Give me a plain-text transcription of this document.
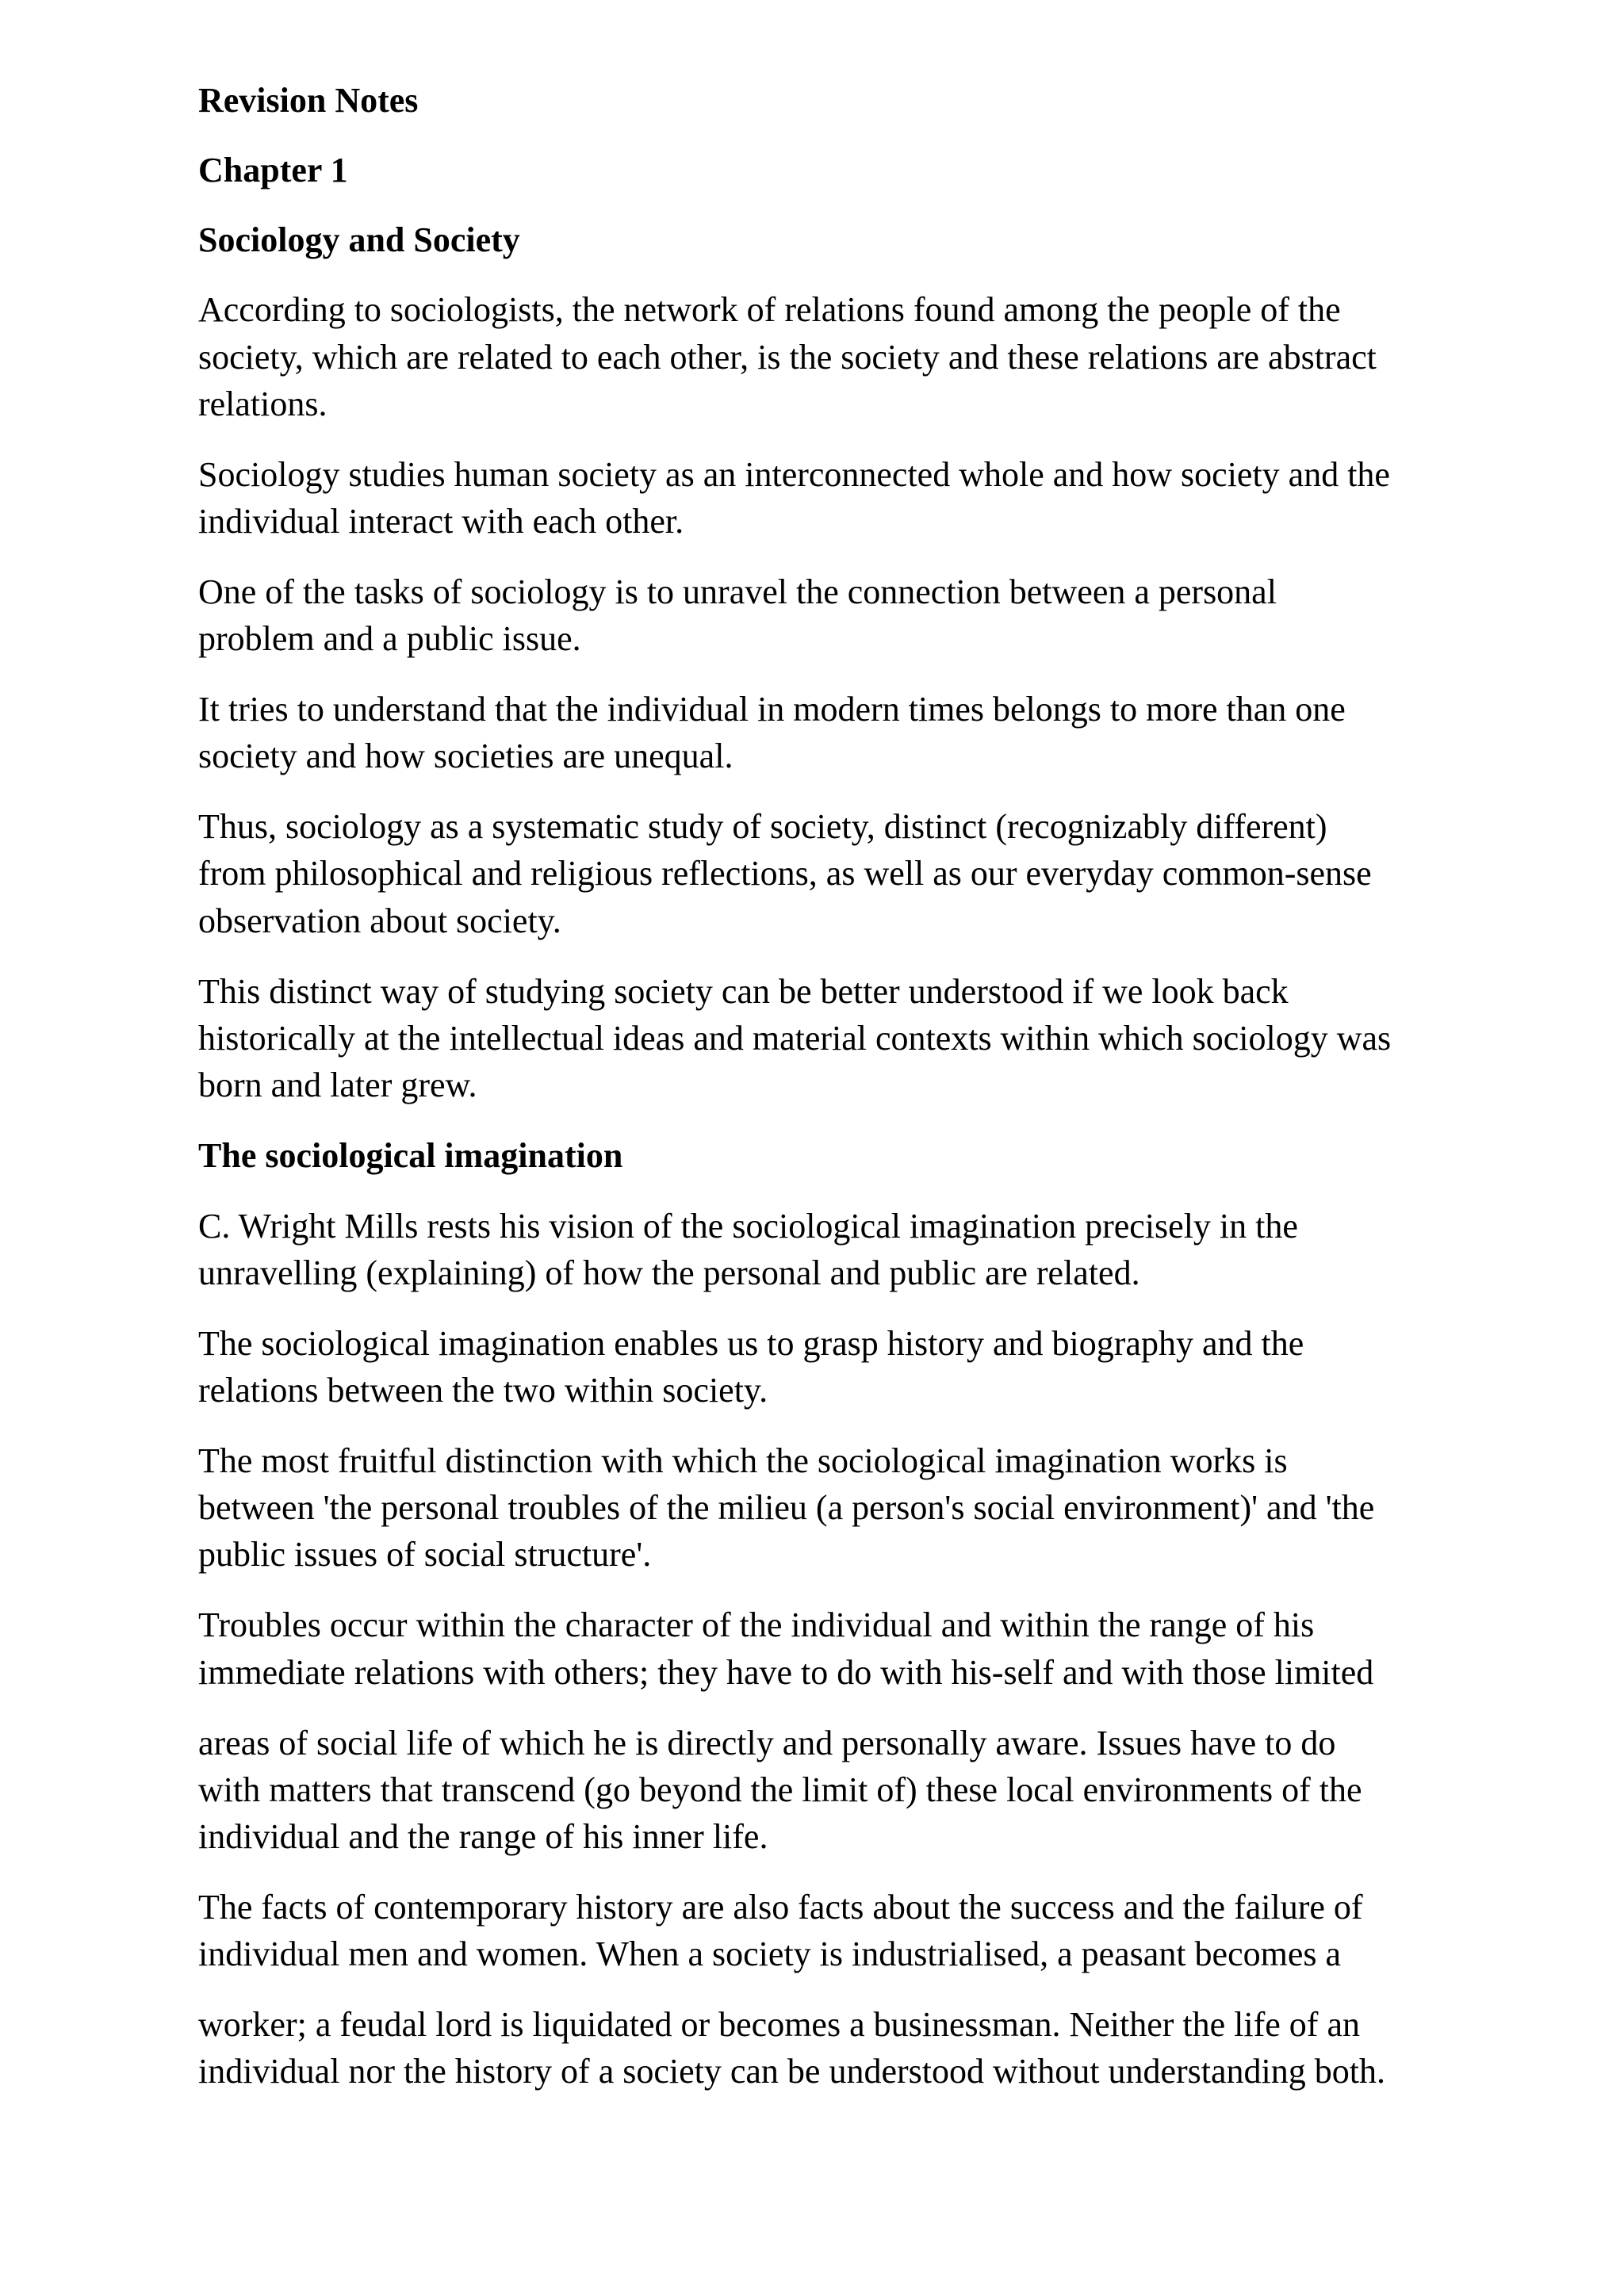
Revision Notes

Chapter 1

Sociology and Society

According to sociologists, the network of relations found among the people of the

society, which are related to each other, is the society and these relations are abstract

relations.

Sociology studies human society as an interconnected whole and how society and the

individual interact with each other.

One of the tasks of sociology is to unravel the connection between a personal

problem and a public issue.

It tries to understand that the individual in modern times belongs to more than one

society and how societies are unequal.

Thus, sociology as a systematic study of society, distinct (recognizably different)

from philosophical and religious reflections, as well as our everyday common-sense

observation about society.

This distinct way of studying society can be better understood if we look back

historically at the intellectual ideas and material contexts within which sociology was

born and later grew.

The sociological imagination

C. Wright Mills rests his vision of the sociological imagination precisely in the

unravelling (explaining) of how the personal and public are related.

The sociological imagination enables us to grasp history and biography and the

relations between the two within society.

The most fruitful distinction with which the sociological imagination works is

between 'the personal troubles of the milieu (a person's social environment)' and 'the

public issues of social structure'.

Troubles occur within the character of the individual and within the range of his

immediate relations with others; they have to do with his-self and with those limited

areas of social life of which he is directly and personally aware. Issues have to do

with matters that transcend (go beyond the limit of) these local environments of the

individual and the range of his inner life.

The facts of contemporary history are also facts about the success and the failure of

individual men and women. When a society is industrialised, a peasant becomes a

worker; a feudal lord is liquidated or becomes a businessman. Neither the life of an

individual nor the history of a society can be understood without understanding both.
